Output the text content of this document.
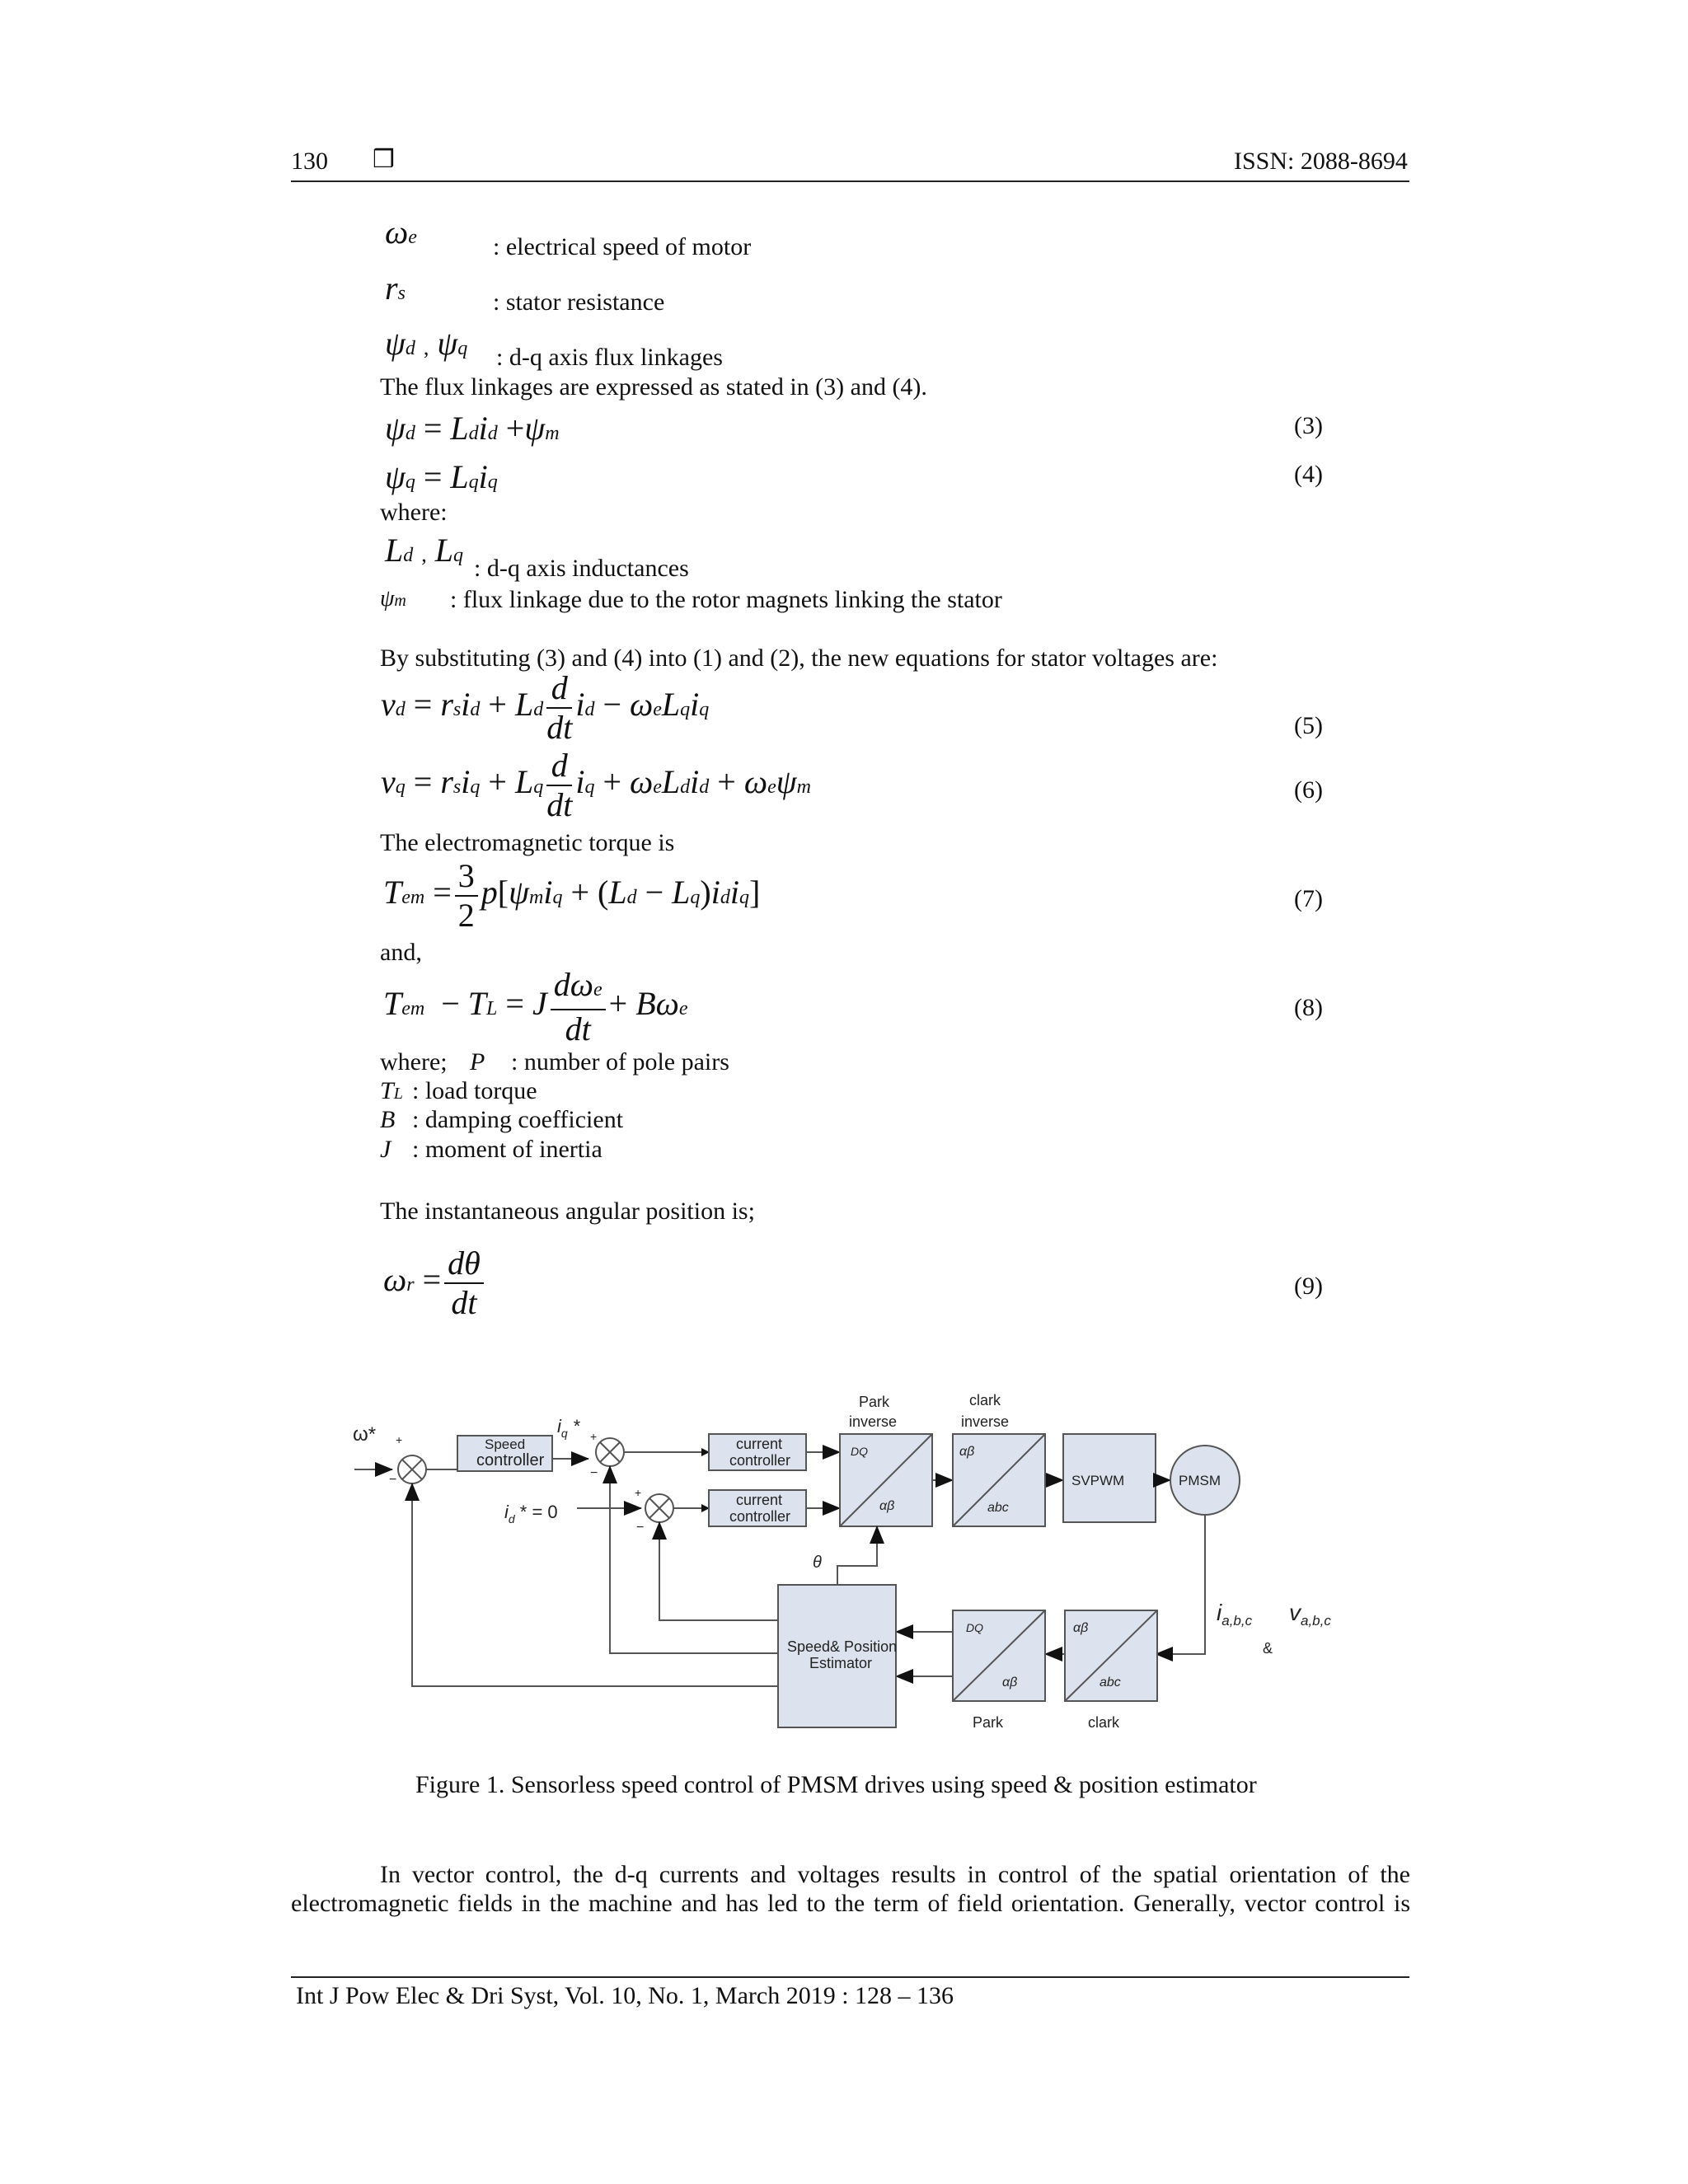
130 ❒	ISSN: 2088-8694
ωe	: electrical speed of motor
rs	: stator resistance
ψd , ψq : d-q axis flux linkages
The flux linkages are expressed as stated in (3) and (4).
ψd = Ldid +ψm	(3)
ψq = Lqiq	(4)
where:
Ld , Lq : d-q axis inductances
ψm : flux linkage due to the rotor magnets linking the stator
By substituting (3) and (4) into (1) and (2), the new equations for stator voltages are:
vd = rsid + Ld $\frac{d}{dt}$ id − ωeLqiq
(5)
vq = rsiq + Lq $\frac{d}{dt}$ iq + ωeLdid + ωeψm	(6)
The electromagnetic torque is
Tem = $\frac{3}{2} p[\psi miq + (Ld$ − Lq)idiq]	(7)
and,
Tem − TL = J $\frac{\text{dωe}}{dt} + B\omega e$	(8)
where; P : number of pole pairs
TL : load torque
B : damping coefficient
J : moment of inertia
The instantaneous angular position is;
$\omega r = \frac{d\theta}{dt}$	(9)
ω* +
−
Speed
controller
$i_q$ * +
−
$i_d$ * = 0
+
−
current
controller
current
controller
Park
inverse
clark
inverse
DQ
αβ
αβ
abc
SVPWM	PMSM
θ
Speed& Position
Estimator
DQ
αβ
αβ
abc
Park	clark
$i_{a,b,c}$
&
$v_{a,b,c}$
Figure 1. Sensorless speed control of PMSM drives using speed & position estimator
In vector control, the d-q currents and voltages results in control of the spatial orientation of the
electromagnetic fields in the machine and has led to the term of field orientation. Generally, vector control is
Int J Pow Elec & Dri Syst, Vol. 10, No. 1, March 2019 : 128 – 136
